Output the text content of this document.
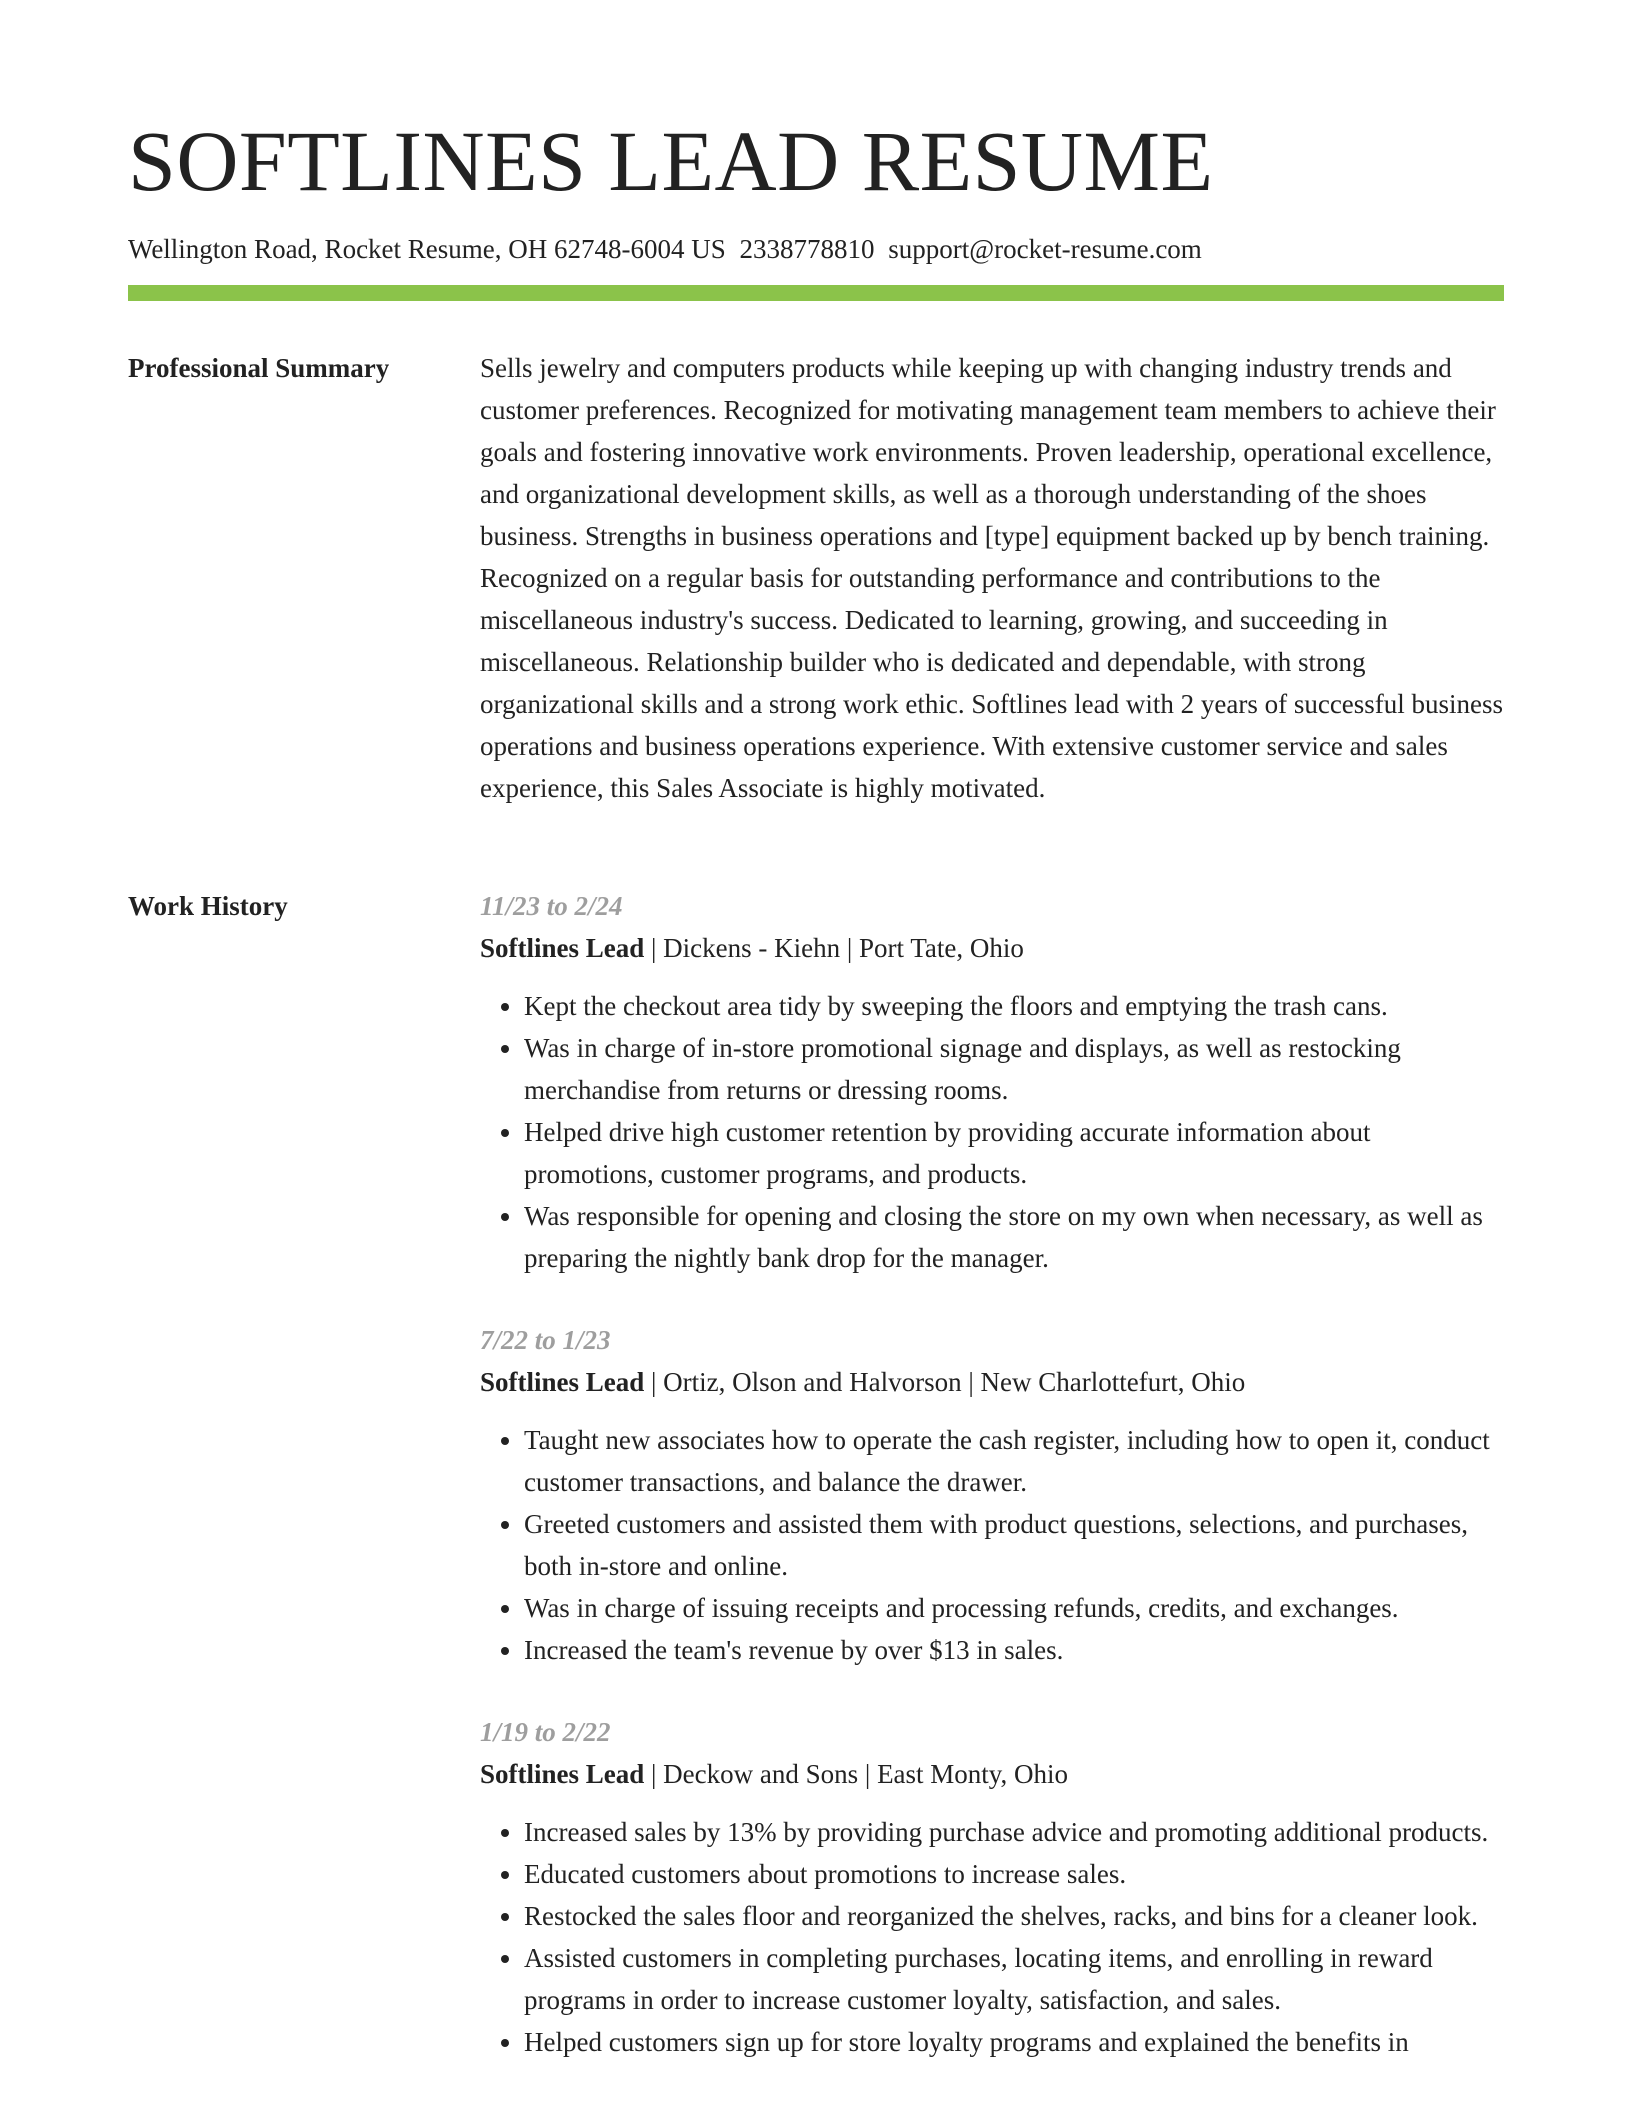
SOFTLINES LEAD RESUME
Wellington Road, Rocket Resume, OH 62748-6004 US 2338778810 support@rocket-resume.com
Professional Summary	Sells jewelry and computers products while keeping up with changing industry trends and customer preferences. Recognized for motivating management team members to achieve their goals and fostering innovative work environments. Proven leadership, operational excellence, and organizational development skills, as well as a thorough understanding of the shoes business. Strengths in business operations and [type] equipment backed up by bench training. Recognized on a regular basis for outstanding performance and contributions to the miscellaneous industry's success. Dedicated to learning, growing, and succeeding in miscellaneous. Relationship builder who is dedicated and dependable, with strong organizational skills and a strong work ethic. Softlines lead with 2 years of successful business operations and business operations experience. With extensive customer service and sales experience, this Sales Associate is highly motivated.

Work History	11/23 to 2/24
Softlines Lead | Dickens - Kiehn | Port Tate, Ohio
• Kept the checkout area tidy by sweeping the floors and emptying the trash cans.
• Was in charge of in-store promotional signage and displays, as well as restocking merchandise from returns or dressing rooms.
• Helped drive high customer retention by providing accurate information about promotions, customer programs, and products.
• Was responsible for opening and closing the store on my own when necessary, as well as preparing the nightly bank drop for the manager.
7/22 to 1/23
Softlines Lead | Ortiz, Olson and Halvorson | New Charlottefurt, Ohio
• Taught new associates how to operate the cash register, including how to open it, conduct customer transactions, and balance the drawer.
• Greeted customers and assisted them with product questions, selections, and purchases, both in-store and online.
• Was in charge of issuing receipts and processing refunds, credits, and exchanges.
• Increased the team's revenue by over $13 in sales.
1/19 to 2/22
Softlines Lead | Deckow and Sons | East Monty, Ohio
• Increased sales by 13% by providing purchase advice and promoting additional products.
• Educated customers about promotions to increase sales.
• Restocked the sales floor and reorganized the shelves, racks, and bins for a cleaner look.
• Assisted customers in completing purchases, locating items, and enrolling in reward programs in order to increase customer loyalty, satisfaction, and sales.
• Helped customers sign up for store loyalty programs and explained the benefits in
